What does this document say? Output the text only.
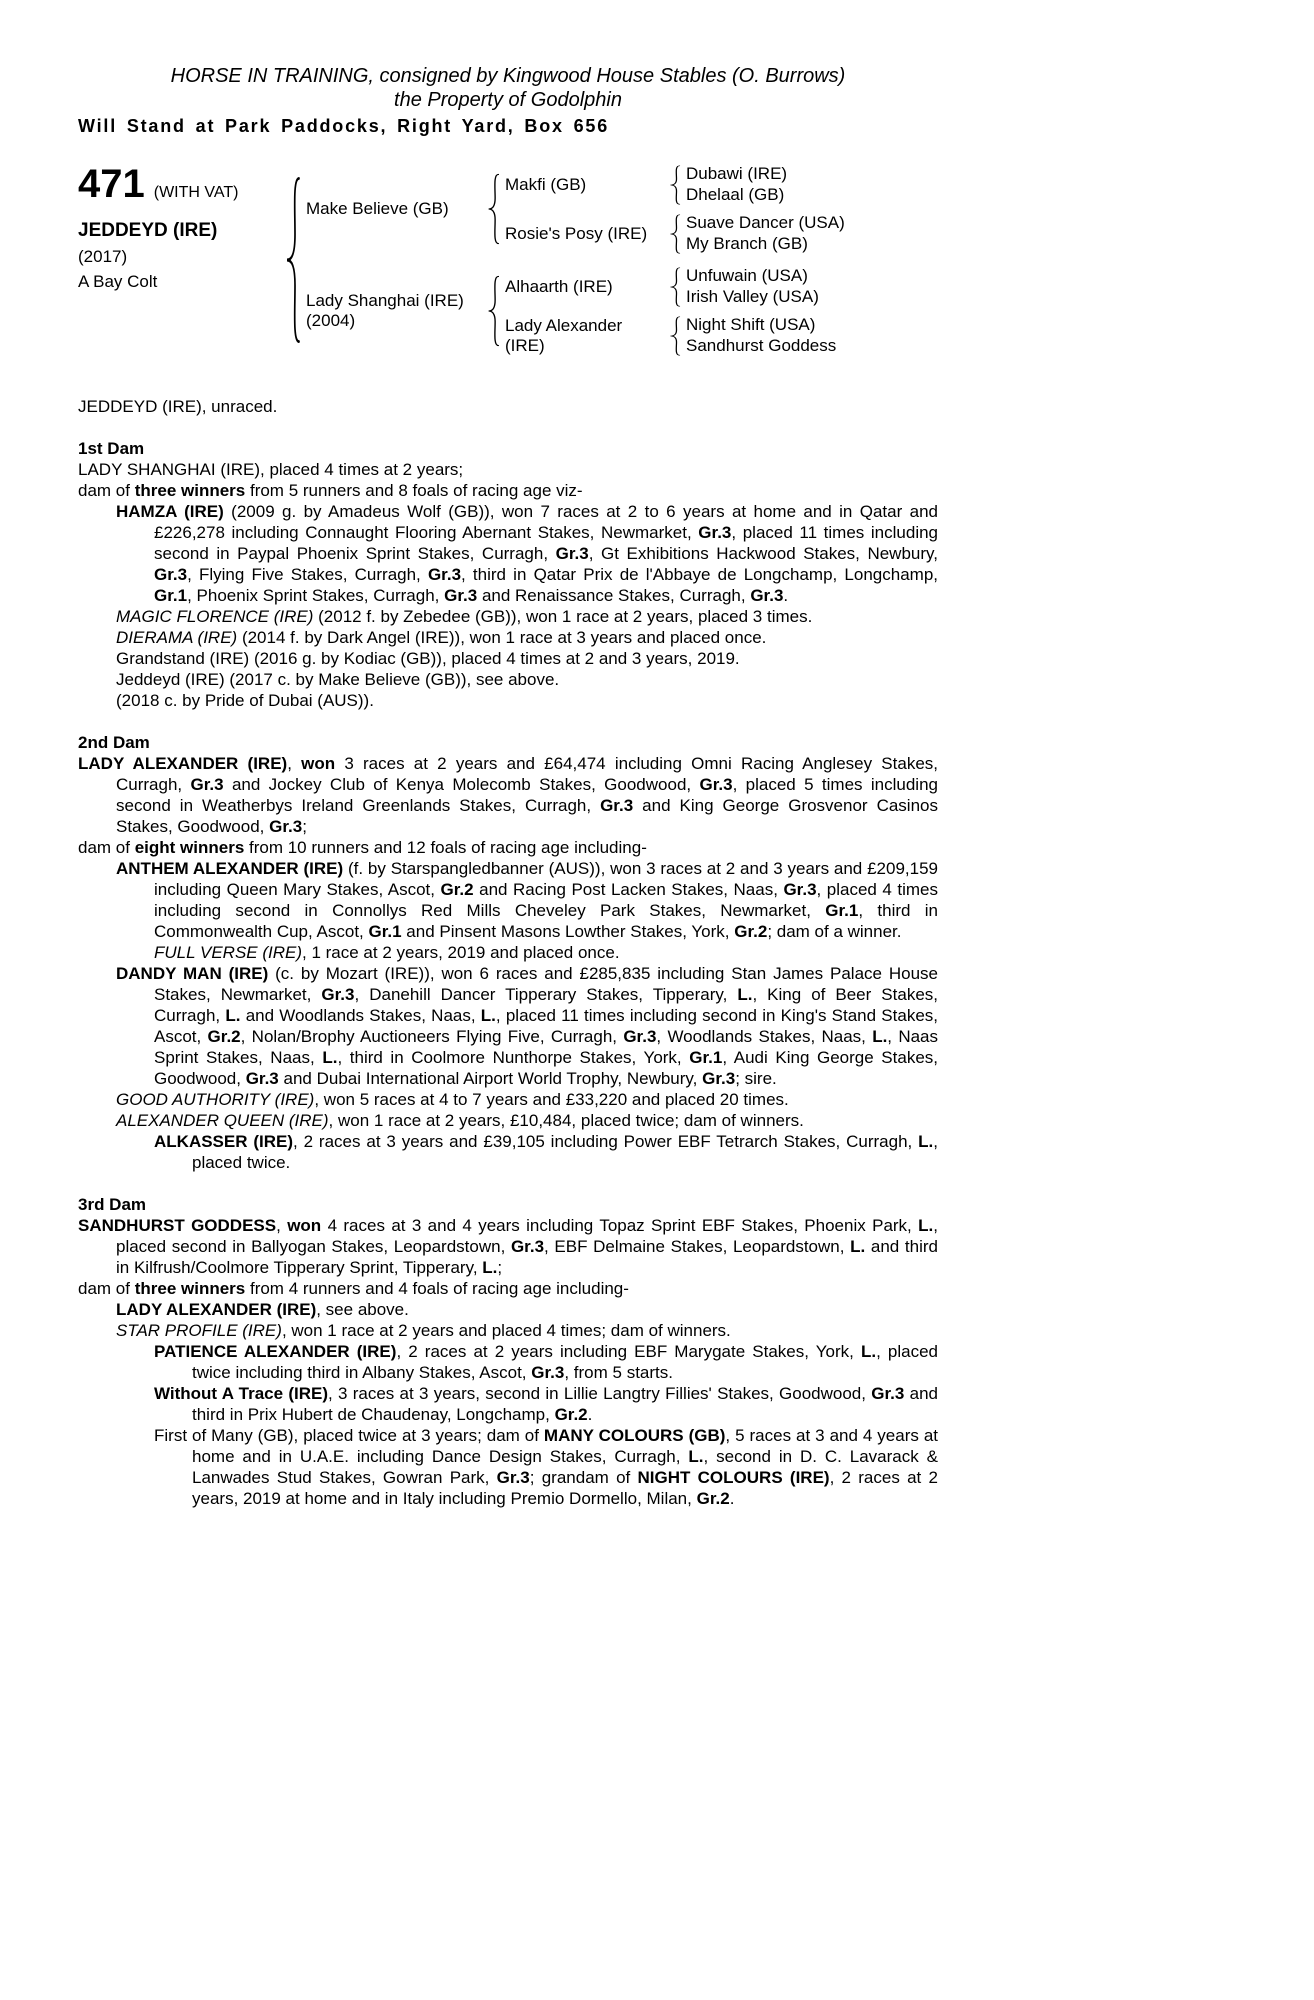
HORSE IN TRAINING, consigned by Kingwood House Stables (O. Burrows)
the Property of Godolphin
Will Stand at Park Paddocks, Right Yard, Box 656
471 (WITH VAT)
JEDDEYD (IRE)
(2017)
A Bay Colt
Make Believe (GB)
Makfi (GB)
Dubawi (IRE)
Dhelaal (GB)
Rosie's Posy (IRE)
Suave Dancer (USA)
My Branch (GB)
Lady Shanghai (IRE)
(2004)
Alhaarth (IRE)
Unfuwain (USA)
Irish Valley (USA)
Lady Alexander (IRE)
Night Shift (USA)
Sandhurst Goddess
JEDDEYD (IRE), unraced.
1st Dam
LADY SHANGHAI (IRE), placed 4 times at 2 years;
dam of three winners from 5 runners and 8 foals of racing age viz-
HAMZA (IRE) (2009 g. by Amadeus Wolf (GB)), won 7 races at 2 to 6 years at home and in Qatar and £226,278 including Connaught Flooring Abernant Stakes, Newmarket, Gr.3, placed 11 times including second in Paypal Phoenix Sprint Stakes, Curragh, Gr.3, Gt Exhibitions Hackwood Stakes, Newbury, Gr.3, Flying Five Stakes, Curragh, Gr.3, third in Qatar Prix de l'Abbaye de Longchamp, Longchamp, Gr.1, Phoenix Sprint Stakes, Curragh, Gr.3 and Renaissance Stakes, Curragh, Gr.3.
MAGIC FLORENCE (IRE) (2012 f. by Zebedee (GB)), won 1 race at 2 years, placed 3 times.
DIERAMA (IRE) (2014 f. by Dark Angel (IRE)), won 1 race at 3 years and placed once.
Grandstand (IRE) (2016 g. by Kodiac (GB)), placed 4 times at 2 and 3 years, 2019.
Jeddeyd (IRE) (2017 c. by Make Believe (GB)), see above.
(2018 c. by Pride of Dubai (AUS)).
2nd Dam
LADY ALEXANDER (IRE), won 3 races at 2 years and £64,474 including Omni Racing Anglesey Stakes, Curragh, Gr.3 and Jockey Club of Kenya Molecomb Stakes, Goodwood, Gr.3, placed 5 times including second in Weatherbys Ireland Greenlands Stakes, Curragh, Gr.3 and King George Grosvenor Casinos Stakes, Goodwood, Gr.3;
dam of eight winners from 10 runners and 12 foals of racing age including-
ANTHEM ALEXANDER (IRE) (f. by Starspangledbanner (AUS)), won 3 races at 2 and 3 years and £209,159 including Queen Mary Stakes, Ascot, Gr.2 and Racing Post Lacken Stakes, Naas, Gr.3, placed 4 times including second in Connollys Red Mills Cheveley Park Stakes, Newmarket, Gr.1, third in Commonwealth Cup, Ascot, Gr.1 and Pinsent Masons Lowther Stakes, York, Gr.2; dam of a winner.
FULL VERSE (IRE), 1 race at 2 years, 2019 and placed once.
DANDY MAN (IRE) (c. by Mozart (IRE)), won 6 races and £285,835 including Stan James Palace House Stakes, Newmarket, Gr.3, Danehill Dancer Tipperary Stakes, Tipperary, L., King of Beer Stakes, Curragh, L. and Woodlands Stakes, Naas, L., placed 11 times including second in King's Stand Stakes, Ascot, Gr.2, Nolan/Brophy Auctioneers Flying Five, Curragh, Gr.3, Woodlands Stakes, Naas, L., Naas Sprint Stakes, Naas, L., third in Coolmore Nunthorpe Stakes, York, Gr.1, Audi King George Stakes, Goodwood, Gr.3 and Dubai International Airport World Trophy, Newbury, Gr.3; sire.
GOOD AUTHORITY (IRE), won 5 races at 4 to 7 years and £33,220 and placed 20 times.
ALEXANDER QUEEN (IRE), won 1 race at 2 years, £10,484, placed twice; dam of winners.
ALKASSER (IRE), 2 races at 3 years and £39,105 including Power EBF Tetrarch Stakes, Curragh, L., placed twice.
3rd Dam
SANDHURST GODDESS, won 4 races at 3 and 4 years including Topaz Sprint EBF Stakes, Phoenix Park, L., placed second in Ballyogan Stakes, Leopardstown, Gr.3, EBF Delmaine Stakes, Leopardstown, L. and third in Kilfrush/Coolmore Tipperary Sprint, Tipperary, L.;
dam of three winners from 4 runners and 4 foals of racing age including-
LADY ALEXANDER (IRE), see above.
STAR PROFILE (IRE), won 1 race at 2 years and placed 4 times; dam of winners.
PATIENCE ALEXANDER (IRE), 2 races at 2 years including EBF Marygate Stakes, York, L., placed twice including third in Albany Stakes, Ascot, Gr.3, from 5 starts.
Without A Trace (IRE), 3 races at 3 years, second in Lillie Langtry Fillies' Stakes, Goodwood, Gr.3 and third in Prix Hubert de Chaudenay, Longchamp, Gr.2.
First of Many (GB), placed twice at 3 years; dam of MANY COLOURS (GB), 5 races at 3 and 4 years at home and in U.A.E. including Dance Design Stakes, Curragh, L., second in D. C. Lavarack & Lanwades Stud Stakes, Gowran Park, Gr.3; grandam of NIGHT COLOURS (IRE), 2 races at 2 years, 2019 at home and in Italy including Premio Dormello, Milan, Gr.2.
